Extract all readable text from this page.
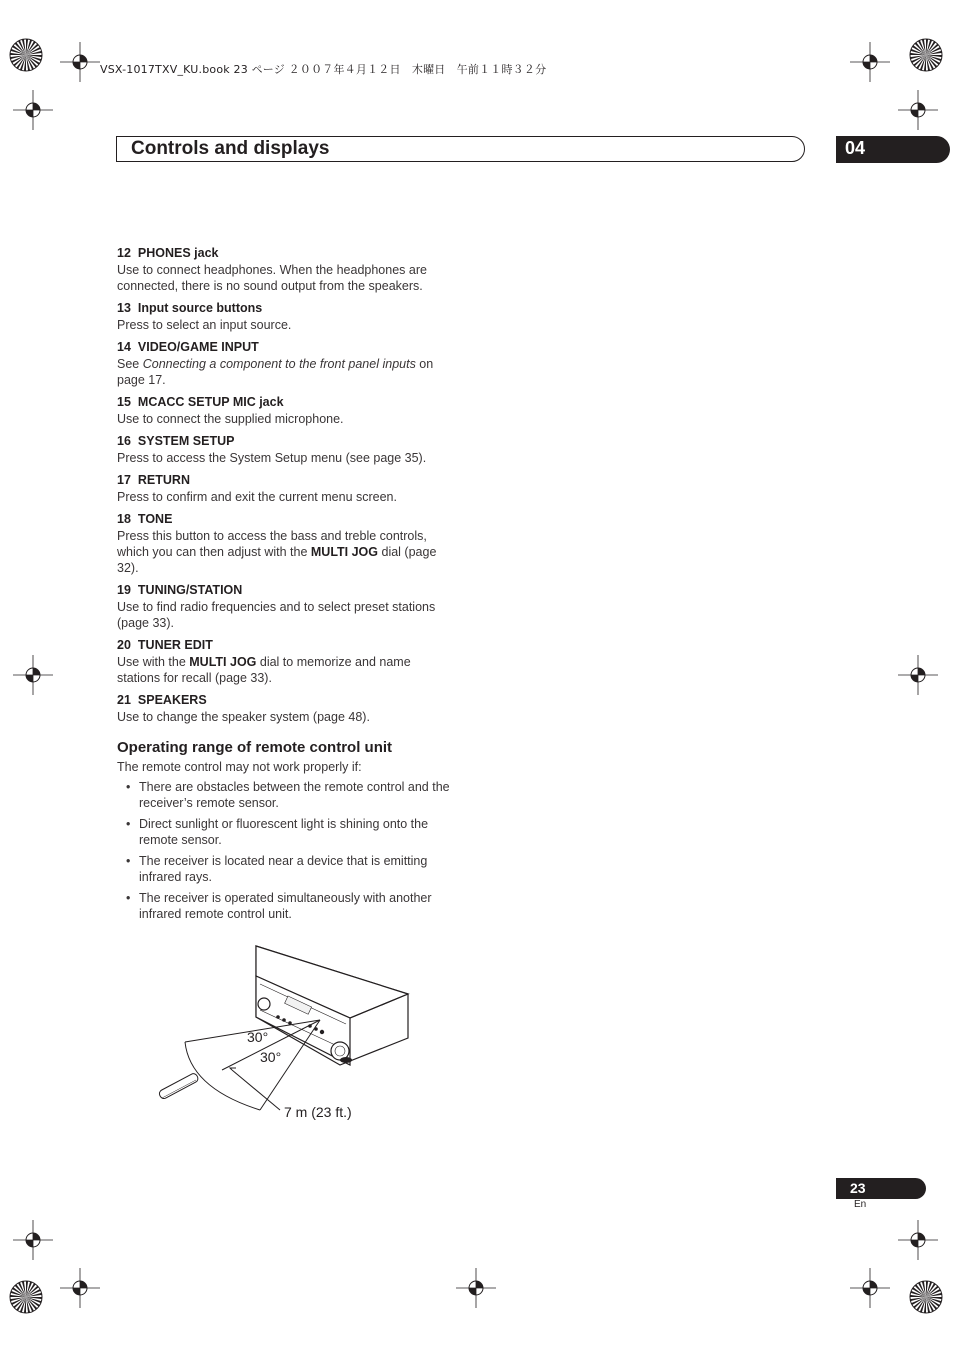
VSX-1017TXV_KU.book 23 ページ ２００７年４月１２日　木曜日　午前１１時３２分
Controls and displays	04
12 PHONES jack
Use to connect headphones. When the headphones are connected, there is no sound output from the speakers.
13 Input source buttons
Press to select an input source.
14 VIDEO/GAME INPUT
See Connecting a component to the front panel inputs on page 17.
15 MCACC SETUP MIC jack
Use to connect the supplied microphone.
16 SYSTEM SETUP
Press to access the System Setup menu (see page 35).
17 RETURN
Press to confirm and exit the current menu screen.
18 TONE
Press this button to access the bass and treble controls, which you can then adjust with the MULTI JOG dial (page 32).
19 TUNING/STATION
Use to find radio frequencies and to select preset stations (page 33).
20 TUNER EDIT
Use with the MULTI JOG dial to memorize and name stations for recall (page 33).
21 SPEAKERS
Use to change the speaker system (page 48).
Operating range of remote control unit
The remote control may not work properly if:
• There are obstacles between the remote control and the receiver’s remote sensor.
• Direct sunlight or fluorescent light is shining onto the remote sensor.
• The receiver is located near a device that is emitting infrared rays.
• The receiver is operated simultaneously with another infrared remote control unit.
30°
30°
7 m (23 ft.)
23
En
